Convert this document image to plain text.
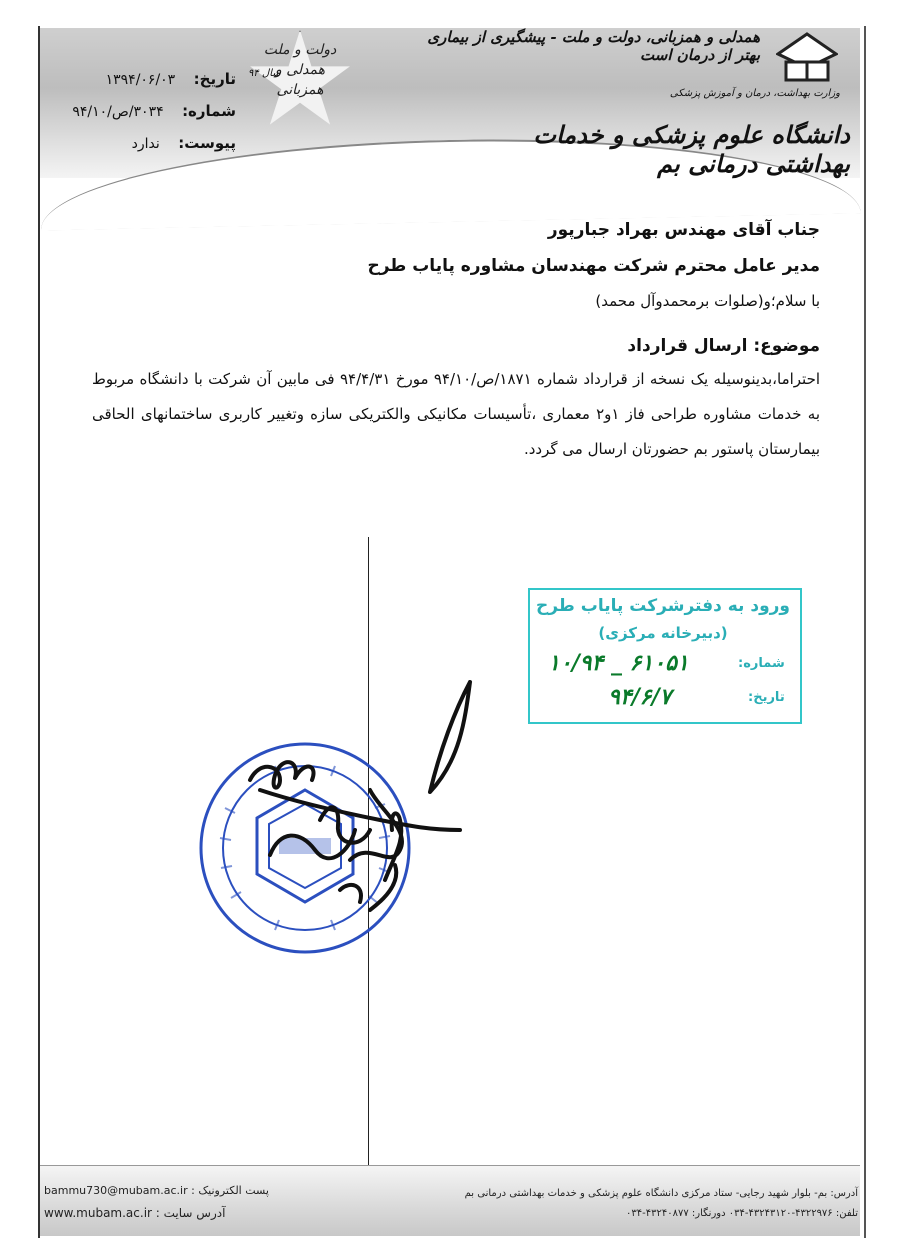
دولت و ملت
همدلی و
همزبانی
سال ۹۴
همدلی و همزبانی، دولت و ملت - پیشگیری از بیماری بهتر از درمان است
وزارت بهداشت، درمان و آموزش پزشکی
دانشگاه علوم پزشکی و خدمات بهداشتی درمانی بم
تاریخ: ۱۳۹۴/۰۶/۰۳
شماره: ۳۰۳۴/ص/۹۴/۱۰
پیوست: ندارد
جناب آقای مهندس بهراد جبارپور
مدیر عامل محترم شرکت مهندسان مشاوره پایاب طرح
با سلام؛و(صلوات برمحمدوآل محمد)
موضوع: ارسال قرارداد
احتراما،بدینوسیله یک نسخه از قرارداد شماره ۱۸۷۱/ص/۹۴/۱۰ مورخ ۹۴/۴/۳۱ فی مابین آن شرکت با دانشگاه مربوط به خدمات مشاوره طراحی فاز ۱و۲ معماری ،تأسیسات مکانیکی والکتریکی سازه وتغییر کاربری ساختمانهای الحاقی بیمارستان پاستور بم حضورتان ارسال می گردد.
ورود به دفترشرکت پایاب طرح
(دبیرخانه مرکزی)
شماره:
۱۰/۹۴ _ ۶۱۰۵۱
تاریخ:
۹۴/۶/۷
bammu730@mubam.ac.ir : پست الکترونیک
www.mubam.ac.ir : آدرس سایت
آدرس: بم- بلوار شهید رجایی- ستاد مرکزی دانشگاه علوم پزشکی و خدمات بهداشتی درمانی بم
تلفن: ۴۳۲۲۹۷۶-۴۳۲۴۳۱۲۰-۰۳۴ دورنگار: ۴۳۲۴۰۸۷۷-۰۳۴
